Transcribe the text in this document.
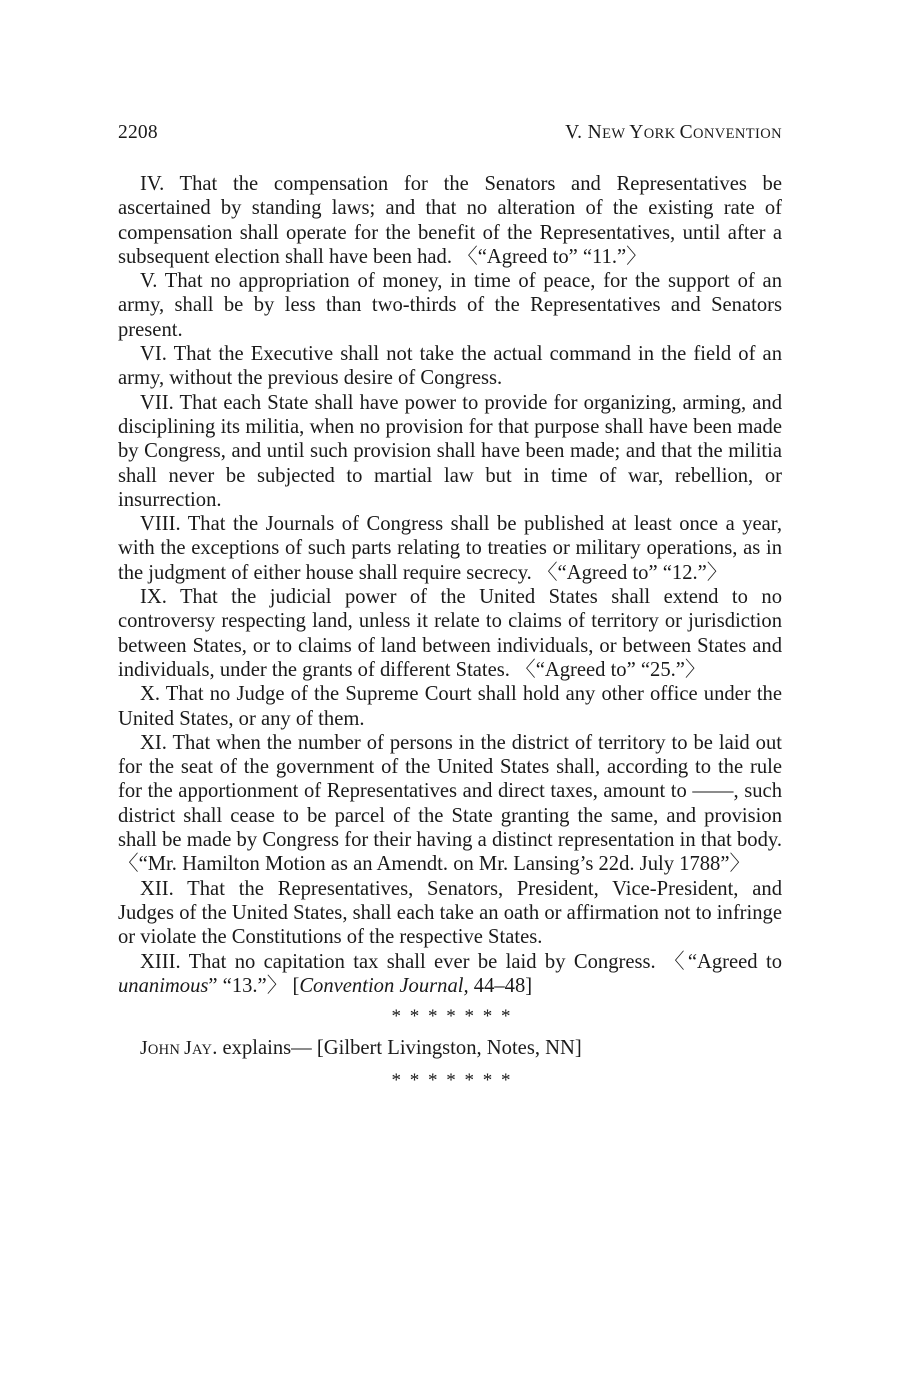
2208	V. NEW YORK CONVENTION

IV. That the compensation for the Senators and Representatives be ascertained by standing laws; and that no alteration of the existing rate of compensation shall operate for the benefit of the Representatives, until after a subsequent election shall have been had. 〈“Agreed to” “11.”〉

V. That no appropriation of money, in time of peace, for the support of an army, shall be by less than two-thirds of the Representatives and Senators present.

VI. That the Executive shall not take the actual command in the field of an army, without the previous desire of Congress.

VII. That each State shall have power to provide for organizing, arming, and disciplining its militia, when no provision for that purpose shall have been made by Congress, and until such provision shall have been made; and that the militia shall never be subjected to martial law but in time of war, rebellion, or insurrection.

VIII. That the Journals of Congress shall be published at least once a year, with the exceptions of such parts relating to treaties or military operations, as in the judgment of either house shall require secrecy. 〈“Agreed to” “12.”〉

IX. That the judicial power of the United States shall extend to no controversy respecting land, unless it relate to claims of territory or jurisdiction between States, or to claims of land between individuals, or between States and individuals, under the grants of different States. 〈“Agreed to” “25.”〉

X. That no Judge of the Supreme Court shall hold any other office under the United States, or any of them.

XI. That when the number of persons in the district of territory to be laid out for the seat of the government of the United States shall, according to the rule for the apportionment of Representatives and direct taxes, amount to ——, such district shall cease to be parcel of the State granting the same, and provision shall be made by Congress for their having a distinct representation in that body. 〈“Mr. Hamilton Motion as an Amendt. on Mr. Lansing’s 22d. July 1788”〉

XII. That the Representatives, Senators, President, Vice-President, and Judges of the United States, shall each take an oath or affirmation not to infringe or violate the Constitutions of the respective States.

XIII. That no capitation tax shall ever be laid by Congress. 〈“Agreed to unanimous” “13.”〉 [Convention Journal, 44–48]

* * * * * * *

JOHN JAY. explains— [Gilbert Livingston, Notes, NN]

* * * * * * *
